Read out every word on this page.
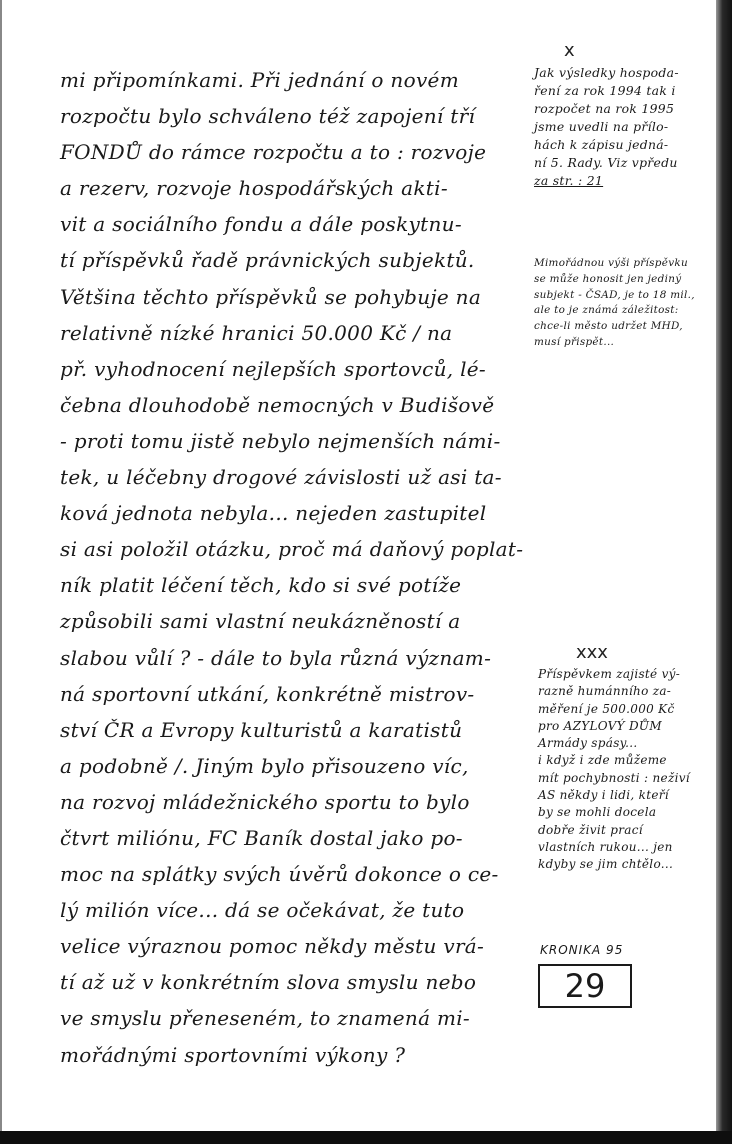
mi připomínkami. Při jednání o novém
rozpočtu bylo schváleno též zapojení tří
FONDŮ do rámce rozpočtu a to : rozvoje
a rezerv, rozvoje hospodářských akti-
vit a sociálního fondu a dále poskytnu-
tí příspěvků řadě právnických subjektů.
Většina těchto příspěvků se pohybuje na
relativně nízké hranici 50.000 Kč / na
př. vyhodnocení nejlepších sportovců, lé-
čebna dlouhodobě nemocných v Budišově
- proti tomu jistě nebylo nejmenších námi-
tek, u léčebny drogové závislosti už asi ta-
ková jednota nebyla... nejeden zastupitel
si asi položil otázku, proč má daňový poplat-
ník platit léčení těch, kdo si své potíže
způsobili sami vlastní neukázněností a
slabou vůlí ? - dále to byla různá význam-
ná sportovní utkání, konkrétně mistrov-
ství ČR a Evropy kulturistů a karatistů
a podobně /. Jiným bylo přisouzeno víc,
na rozvoj mládežnického sportu to bylo
čtvrt miliónu, FC Baník dostal jako po-
moc na splátky svých úvěrů dokonce o ce-
lý milión více... dá se očekávat, že tuto
velice výraznou pomoc někdy městu vrá-
tí až už v konkrétním slova smyslu nebo
ve smyslu přeneseném, to znamená mi-
mořádnými sportovními výkony ?
x
Jak výsledky hospoda-
ření za rok 1994 tak i
rozpočet na rok 1995
jsme uvedli na přílo-
hách k zápisu jedná-
ní 5. Rady. Viz vpředu
za str. : 21
Mimořádnou výši příspěvku
se může honosit jen jediný
subjekt - ČSAD, je to 18 mil.,
ale to je známá záležitost:
chce-li město udržet MHD,
musí přispět...
xxx
Příspěvkem zajisté vý-
razně humánního za-
měření je 500.000 Kč
pro AZYLOVÝ DŮM
Armády spásy...
i když i zde můžeme
mít pochybnosti : neživí
AS někdy i lidi, kteří
by se mohli docela
dobře živit prací
vlastních rukou... jen
kdyby se jim chtělo...
KRONIKA 95
29
